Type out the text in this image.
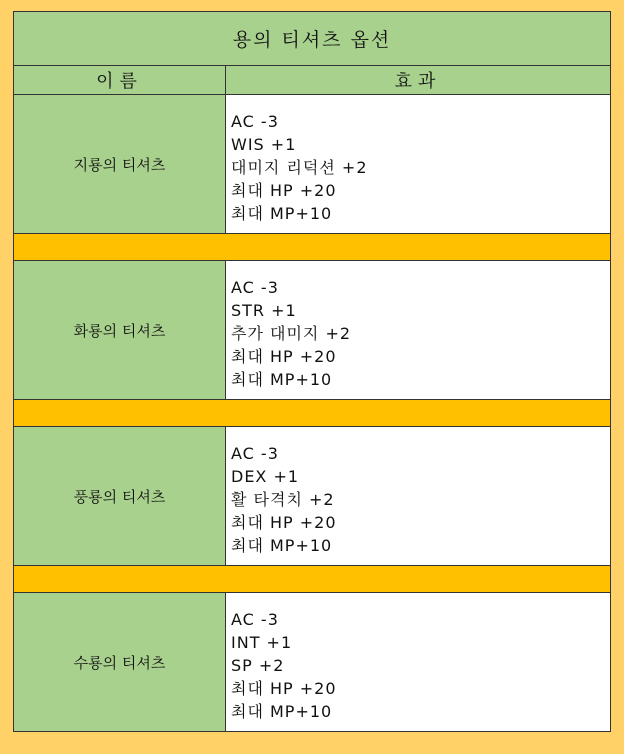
용의 티셔츠 옵션
이름	효과
지룡의 티셔츠
AC -3
WIS +1
대미지 리덕션 +2
최대 HP +20
최대 MP+10
화룡의 티셔츠
AC -3
STR +1
추가 대미지 +2
최대 HP +20
최대 MP+10
풍룡의 티셔츠
AC -3
DEX +1
활 타격치 +2
최대 HP +20
최대 MP+10
수룡의 티셔츠
AC -3
INT +1
SP +2
최대 HP +20
최대 MP+10
